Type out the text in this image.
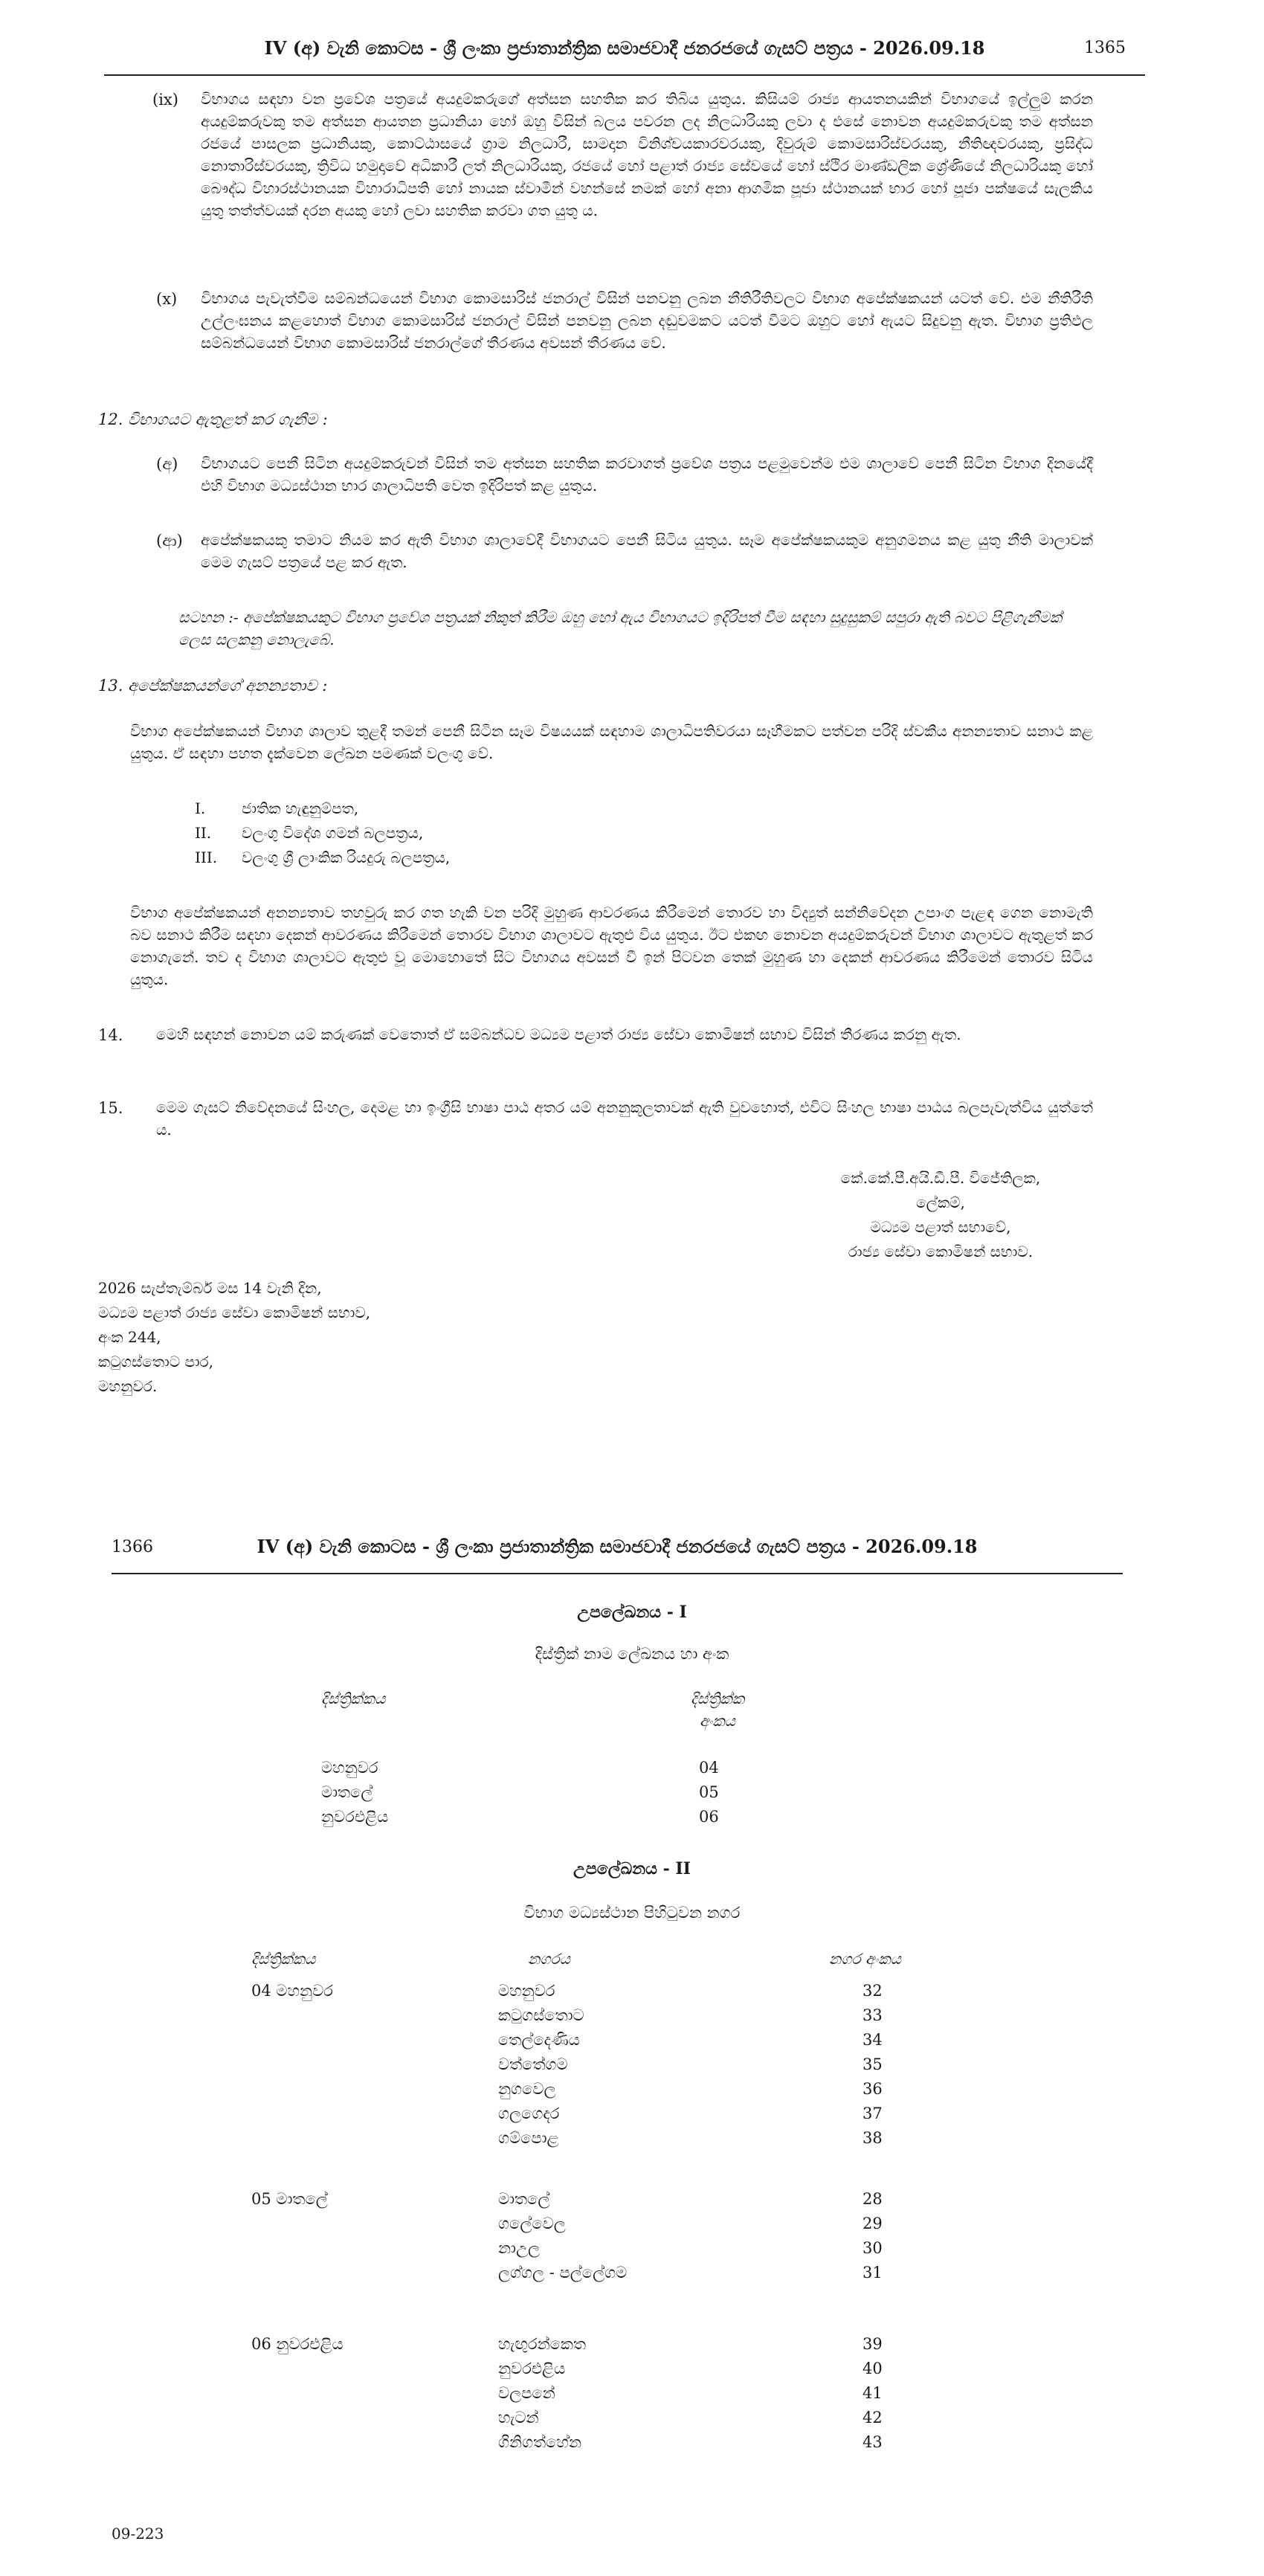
IV (අ) වැනි කොටස - ශ්‍රී ලංකා ප්‍රජාතාන්ත්‍රික සමාජවාදී ජනරජයේ ගැසට් පත්‍රය - 2026.09.18	1365
(ix) විභාගය සඳහා වන ප්‍රවේශ පත්‍රයේ අයදුම්කරුගේ අත්සන සහතික කර තිබිය යුතුය. කිසියම් රාජ්‍ය ආයතනයකින් විභාගයේ ඉල්ලුම් කරන අයදුම්කරුවකු තම අත්සන ආයතන ප්‍රධානියා හෝ ඔහු විසින් බලය පවරන ලද නිලධාරියකු ලවා ද එසේ නොවන අයදුම්කරුවකු තම අත්සන රජයේ පාසලක ප්‍රධානියකු, කොට්ඨාසයේ ග්‍රාම නිලධාරී, සාමදාන විනිශ්චයකාරවරයකු, දිවුරුම් කොමසාරිස්වරයකු, නීතිඥවරයකු, ප්‍රසිද්ධ නොතාරිස්වරයකු, ත්‍රිවිධ හමුදාවේ අධිකාරී ලත් නිලධාරියකු, රජයේ හෝ පළාත් රාජ්‍ය සේවයේ හෝ ස්ථිර මාණ්ඩලික ශ්‍රේණියේ නිලධාරියකු හෝ බෞද්ධ විහාරස්ථානයක විහාරාධිපති හෝ නායක ස්වාමීන් වහන්සේ නමක් හෝ අනා ආගමික පූජා ස්ථානයක් භාර හෝ පූජා පක්ෂයේ සැලකිය යුතු තත්ත්වයක් දරන අයකු හෝ ලවා සහතික කරවා ගත යුතු ය.
(x) විභාගය පැවැත්වීම සම්බන්ධයෙන් විභාග කොමසාරිස් ජනරාල් විසින් පනවනු ලබන නීතිරීතිවලට විභාග අපේක්ෂකයන් යටත් වේ. එම නීතිරීති උල්ලංඝනය කළහොත් විභාග කොමසාරිස් ජනරාල් විසින් පනවනු ලබන දඬුවමකට යටත් වීමට ඔහුට හෝ ඇයට සිදුවනු ඇත. විභාග ප්‍රතිඵල සම්බන්ධයෙන් විභාග කොමසාරිස් ජනරාල්ගේ තීරණය අවසන් තීරණය වේ.
12. විභාගයට ඇතුළත් කර ගැනීම :
(අ) විභාගයට පෙනී සිටින අයදුම්කරුවන් විසින් තම අත්සන සහතික කරවාගත් ප්‍රවේශ පත්‍රය පළමුවෙන්ම එම ශාලාවේ පෙනී සිටින විභාග දිනයේදී එහි විභාග මධ්‍යස්ථාන භාර ශාලාධිපති වෙත ඉදිරිපත් කළ යුතුය.
(ආ) අපේක්ෂකයකු තමාට නියම කර ඇති විභාග ශාලාවේදී විභාගයට පෙනී සිටිය යුතුය. සෑම අපේක්ෂකයකුම අනුගමනය කළ යුතු නීති මාලාවක් මෙම ගැසට් පත්‍රයේ පළ කර ඇත.
සටහන :- අපේක්ෂකයකුට විභාග ප්‍රවේශ පත්‍රයක් නිකුත් කිරීම ඔහු හෝ ඇය විභාගයට ඉදිරිපත් වීම සඳහා සුදුසුකම් සපුරා ඇති බවට පිළිගැනීමක් ලෙස සලකනු නොලැබේ.
13. අපේක්ෂකයන්ගේ අනන්‍යතාව :
විභාග අපේක්ෂකයන් විභාග ශාලාව තුළදී තමන් පෙනී සිටින සෑම විෂයයක් සඳහාම ශාලාධිපතිවරයා සෑහීමකට පත්වන පරිදි ස්වකීය අනන්‍යතාව සනාථ කළ යුතුය. ඒ සඳහා පහත දැක්වෙන ලේඛන පමණක් වලංගු වේ.
I. ජාතික හැඳුනුම්පත,
II. වලංගු විදේශ ගමන් බලපත්‍රය,
III. වලංගු ශ්‍රී ලාංකික රියදුරු බලපත්‍රය,
විභාග අපේක්ෂකයන් අනන්‍යතාව තහවුරු කර ගත හැකි වන පරිදි මුහුණ ආවරණය කිරීමෙන් තොරව හා විද්‍යුත් සන්නිවේදන උපාංග පැළඳ ගෙන නොමැති බව සනාථ කිරීම සඳහා දෙකන් ආවරණය කිරීමෙන් තොරව විභාග ශාලාවට ඇතුළු විය යුතුය. ඊට එකඟ නොවන අයදුම්කරුවන් විභාග ශාලාවට ඇතුළත් කර නොගැනේ. තව ද විභාග ශාලාවට ඇතුළු වූ මොහොතේ සිට විභාගය අවසන් වී ඉන් පිටවන තෙක් මුහුණ හා දෙකන් ආවරණය කිරීමෙන් තොරව සිටිය යුතුය.
14. මෙහි සඳහන් නොවන යම් කරුණක් වෙතොත් ඒ සම්බන්ධව මධ්‍යම පළාත් රාජ්‍ය සේවා කොමිෂන් සභාව විසින් තීරණය කරනු ඇත.
15. මෙම ගැසට් නිවේදනයේ සිංහල, දෙමළ හා ඉංග්‍රීසි භාෂා පාඨ අතර යම් අනනුකූලතාවක් ඇති වුවහොත්, එවිට සිංහල භාෂා පාඨය බලපැවැත්විය යුත්තේ ය.
කේ.කේ.පී.අයි.ඩී.පී. විජේතිලක,
ලේකම්,
මධ්‍යම පළාත් සභාවේ,
රාජ්‍ය සේවා කොමිෂන් සභාව.
2026 සැප්තැම්බර් මස 14 වැනි දින,
මධ්‍යම පළාත් රාජ්‍ය සේවා කොමිෂන් සභාව,
අංක 244,
කටුගස්තොට පාර,
මහනුවර.
1366	IV (අ) වැනි කොටස - ශ්‍රී ලංකා ප්‍රජාතාන්ත්‍රික සමාජවාදී ජනරජයේ ගැසට් පත්‍රය - 2026.09.18
උපලේඛනය - I
දිස්ත්‍රික් නාම ලේඛනය හා අංක
දිස්ත්‍රික්කය	දිස්ත්‍රික්ක
අංකය
මහනුවර	04
මාතලේ	05
නුවරඑළිය	06
උපලේඛනය - II
විභාග මධ්‍යස්ථාන පිහිටුවන නගර
දිස්ත්‍රික්කය	නගරය	නගර අංකය
04 මහනුවර	මහනුවර	32
කටුගස්තොට	33
තෙල්දෙණිය	34
වත්තේගම	35
නුගවෙල	36
ගලගෙදර	37
ගම්පොළ	38
05 මාතලේ	මාතලේ	28
ගලේවෙල	29
නාඋල	30
ලග්ගල - පල්ලේගම	31
06 නුවරඑළිය	හැඟුරන්කෙත	39
නුවරඑළිය	40
වලපනේ	41
හැටන්	42
ගිනිගත්හේන	43
09-223
